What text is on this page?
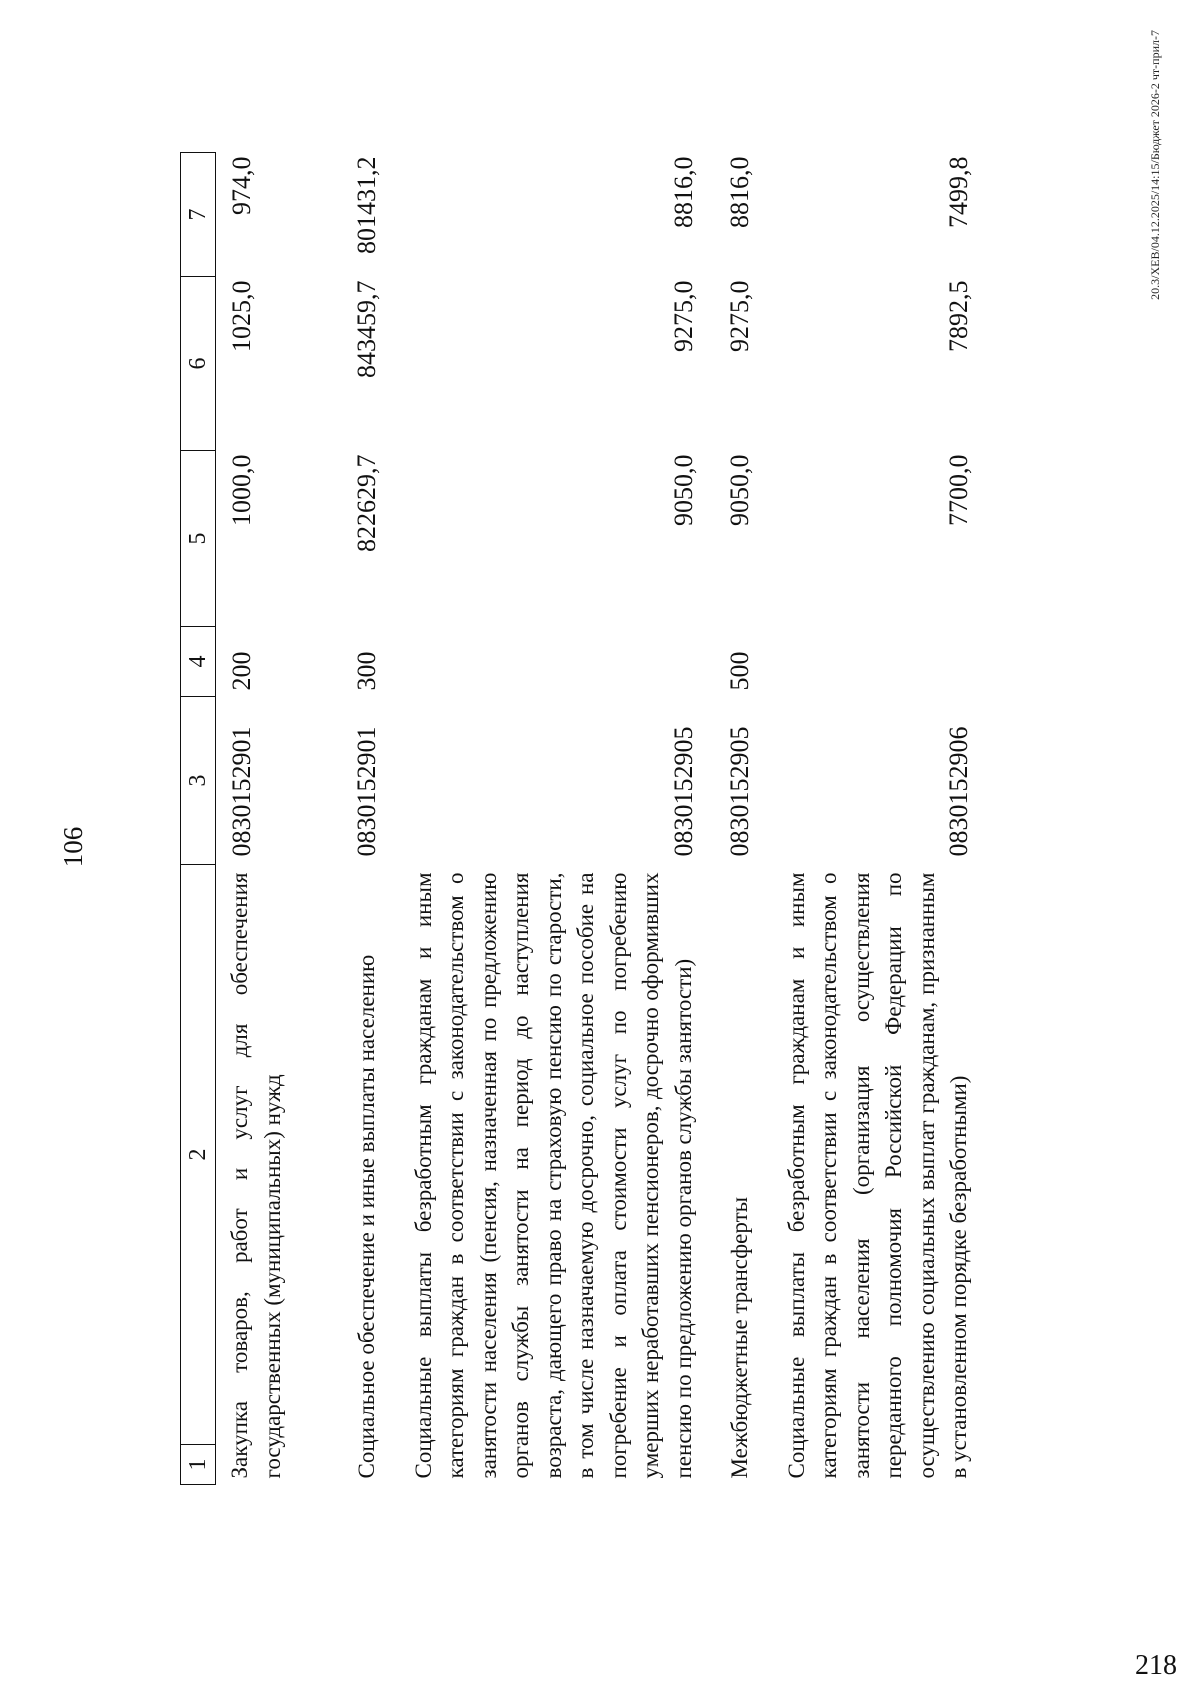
106
1	2	3	4	5	6	7
Закупка товаров, работ и услуг для обеспечения государственных (муниципальных) нужд		0830152901	200	1000,0	1025,0	974,0
Социальное обеспечение и иные выплаты населению		0830152901	300	822629,7	843459,7	801431,2
Социальные выплаты безработным гражданам и иным категориям граждан в соответствии с законодательством о занятости населения (пенсия, назначенная по предложению органов службы занятости на период до наступления возраста, дающего право на страховую пенсию по старости, в том числе назначаемую досрочно, социальное пособие на погребение и оплата стоимости услуг по погребению умерших неработавших пенсионеров, досрочно оформивших пенсию по предложению органов службы занятости)		0830152905		9050,0	9275,0	8816,0
Межбюджетные трансферты		0830152905	500	9050,0	9275,0	8816,0
Социальные выплаты безработным гражданам и иным категориям граждан в соответствии с законодательством о занятости населения (организация осуществления переданного полномочия Российской Федерации по осуществлению социальных выплат гражданам, признанным в установленном порядке безработными)		0830152906		7700,0	7892,5	7499,8	20.3/ХЕВ/04.12.2025/14:15/Бюджет 2026-2 чт-прил-7
218
